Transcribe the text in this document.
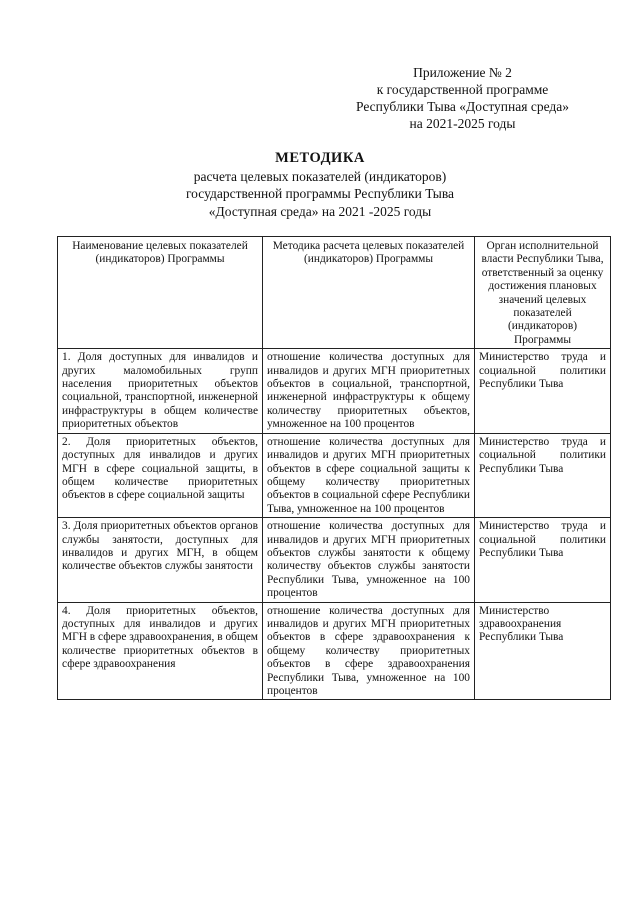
Приложение № 2
к государственной программе
Республики Тыва «Доступная среда»
на 2021-2025 годы
МЕТОДИКА
расчета целевых показателей (индикаторов)
государственной программы Республики Тыва
«Доступная среда» на 2021 -2025 годы
Наименование целевых показателей (индикаторов) Программы	Методика расчета целевых показателей (индикаторов) Программы	Орган исполнительной власти Республики Тыва, ответственный за оценку достижения плановых значений целевых показателей (индикаторов) Программы
1. Доля доступных для инвалидов и других маломобильных групп населения приоритетных объектов социальной, транспортной, инженерной инфраструктуры в общем количестве приоритетных объектов	отношение количества доступных для инвалидов и других МГН приоритетных объектов в социальной, транспортной, инженерной инфраструктуры к общему количеству приоритетных объектов, умноженное на 100 процентов	Министерство труда и социальной политики Республики Тыва
2. Доля приоритетных объектов, доступных для инвалидов и других МГН в сфере социальной защиты, в общем количестве приоритетных объектов в сфере социальной защиты	отношение количества доступных для инвалидов и других МГН приоритетных объектов в сфере социальной защиты к общему количеству приоритетных объектов в социальной сфере Республики Тыва, умноженное на 100 процентов	Министерство труда и социальной политики Республики Тыва
3. Доля приоритетных объектов органов службы занятости, доступных для инвалидов и других МГН, в общем количестве объектов службы занятости	отношение количества доступных для инвалидов и других МГН приоритетных объектов службы занятости к общему количеству объектов службы занятости Республики Тыва, умноженное на 100 процентов	Министерство труда и социальной политики Республики Тыва
4. Доля приоритетных объектов, доступных для инвалидов и других МГН в сфере здравоохранения, в общем количестве приоритетных объектов в сфере здравоохранения	отношение количества доступных для инвалидов и других МГН приоритетных объектов в сфере здравоохранения к общему количеству приоритетных объектов в сфере здравоохранения Республики Тыва, умноженное на 100 процентов	Министерство здравоохранения Республики Тыва
